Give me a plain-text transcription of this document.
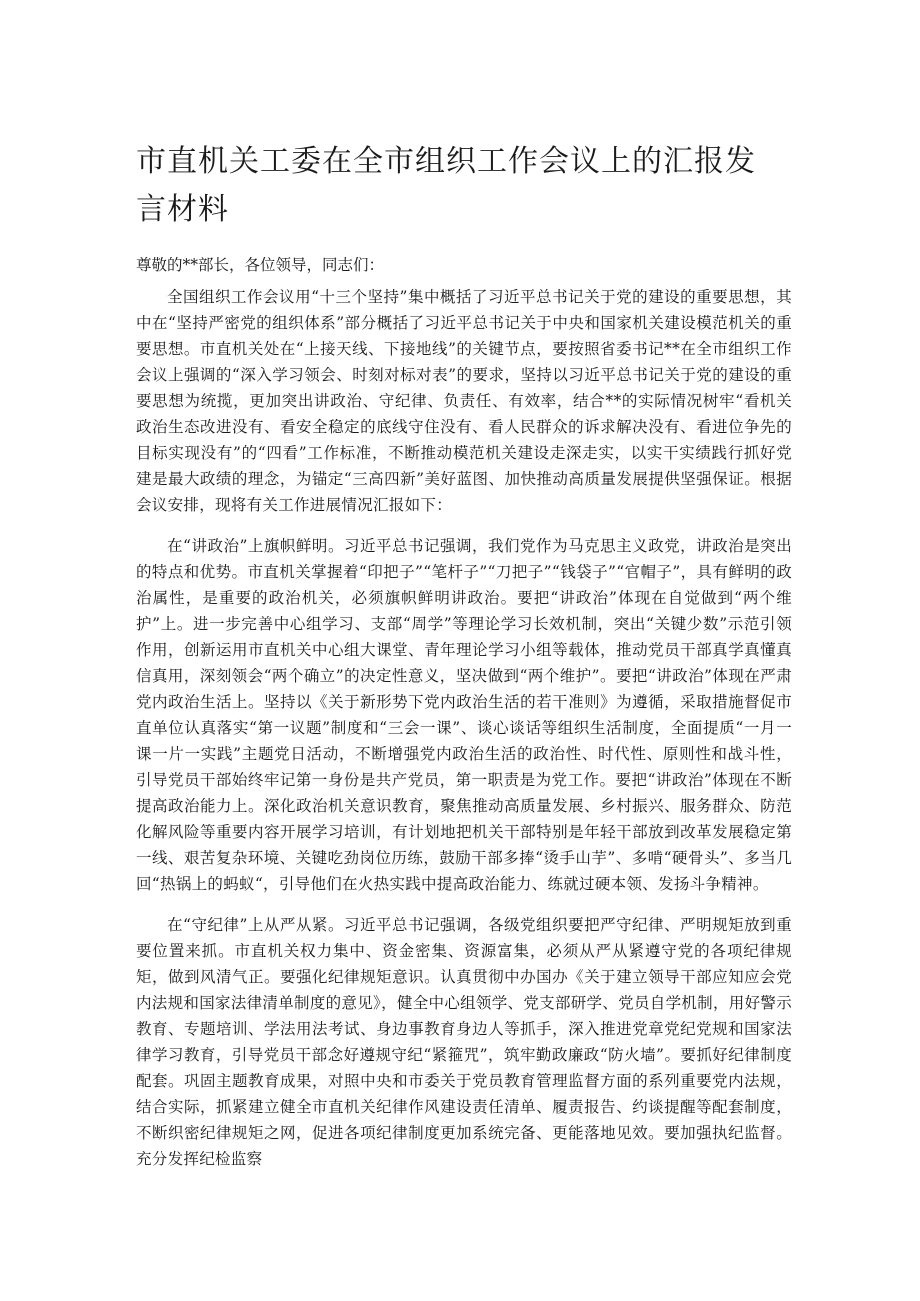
市直机关工委在全市组织工作会议上的汇报发言材料

尊敬的**部长，各位领导，同志们：

全国组织工作会议用“十三个坚持”集中概括了习近平总书记关于党的建设的重要思想，其中在“坚持严密党的组织体系”部分概括了习近平总书记关于中央和国家机关建设模范机关的重要思想。市直机关处在“上接天线、下接地线”的关键节点，要按照省委书记**在全市组织工作会议上强调的“深入学习领会、时刻对标对表”的要求，坚持以习近平总书记关于党的建设的重要思想为统揽，更加突出讲政治、守纪律、负责任、有效率，结合**的实际情况树牢“看机关政治生态改进没有、看安全稳定的底线守住没有、看人民群众的诉求解决没有、看进位争先的目标实现没有”的“四看”工作标准，不断推动模范机关建设走深走实，以实干实绩践行抓好党建是最大政绩的理念，为锚定“三高四新”美好蓝图、加快推动高质量发展提供坚强保证。根据会议安排，现将有关工作进展情况汇报如下：

在“讲政治”上旗帜鲜明。习近平总书记强调，我们党作为马克思主义政党，讲政治是突出的特点和优势。市直机关掌握着“印把子”“笔杆子”“刀把子”“钱袋子”“官帽子”，具有鲜明的政治属性，是重要的政治机关，必须旗帜鲜明讲政治。要把“讲政治”体现在自觉做到“两个维护”上。进一步完善中心组学习、支部“周学”等理论学习长效机制，突出“关键少数”示范引领作用，创新运用市直机关中心组大课堂、青年理论学习小组等载体，推动党员干部真学真懂真信真用，深刻领会“两个确立”的决定性意义，坚决做到“两个维护”。要把“讲政治”体现在严肃党内政治生活上。坚持以《关于新形势下党内政治生活的若干准则》为遵循，采取措施督促市直单位认真落实“第一议题”制度和“三会一课”、谈心谈话等组织生活制度，全面提质“一月一课一片一实践”主题党日活动，不断增强党内政治生活的政治性、时代性、原则性和战斗性，引导党员干部始终牢记第一身份是共产党员，第一职责是为党工作。要把“讲政治”体现在不断提高政治能力上。深化政治机关意识教育，聚焦推动高质量发展、乡村振兴、服务群众、防范化解风险等重要内容开展学习培训，有计划地把机关干部特别是年轻干部放到改革发展稳定第一线、艰苦复杂环境、关键吃劲岗位历练，鼓励干部多捧“烫手山芋”、多啃“硬骨头”、多当几回“热锅上的蚂蚁“，引导他们在火热实践中提高政治能力、练就过硬本领、发扬斗争精神。

在“守纪律”上从严从紧。习近平总书记强调，各级党组织要把严守纪律、严明规矩放到重要位置来抓。市直机关权力集中、资金密集、资源富集，必须从严从紧遵守党的各项纪律规矩，做到风清气正。要强化纪律规矩意识。认真贯彻中办国办《关于建立领导干部应知应会党内法规和国家法律清单制度的意见》，健全中心组领学、党支部研学、党员自学机制，用好警示教育、专题培训、学法用法考试、身边事教育身边人等抓手，深入推进党章党纪党规和国家法律学习教育，引导党员干部念好遵规守纪“紧箍咒”，筑牢勤政廉政“防火墙”。要抓好纪律制度配套。巩固主题教育成果，对照中央和市委关于党员教育管理监督方面的系列重要党内法规，结合实际，抓紧建立健全市直机关纪律作风建设责任清单、履责报告、约谈提醒等配套制度，不断织密纪律规矩之网，促进各项纪律制度更加系统完备、更能落地见效。要加强执纪监督。充分发挥纪检监察
